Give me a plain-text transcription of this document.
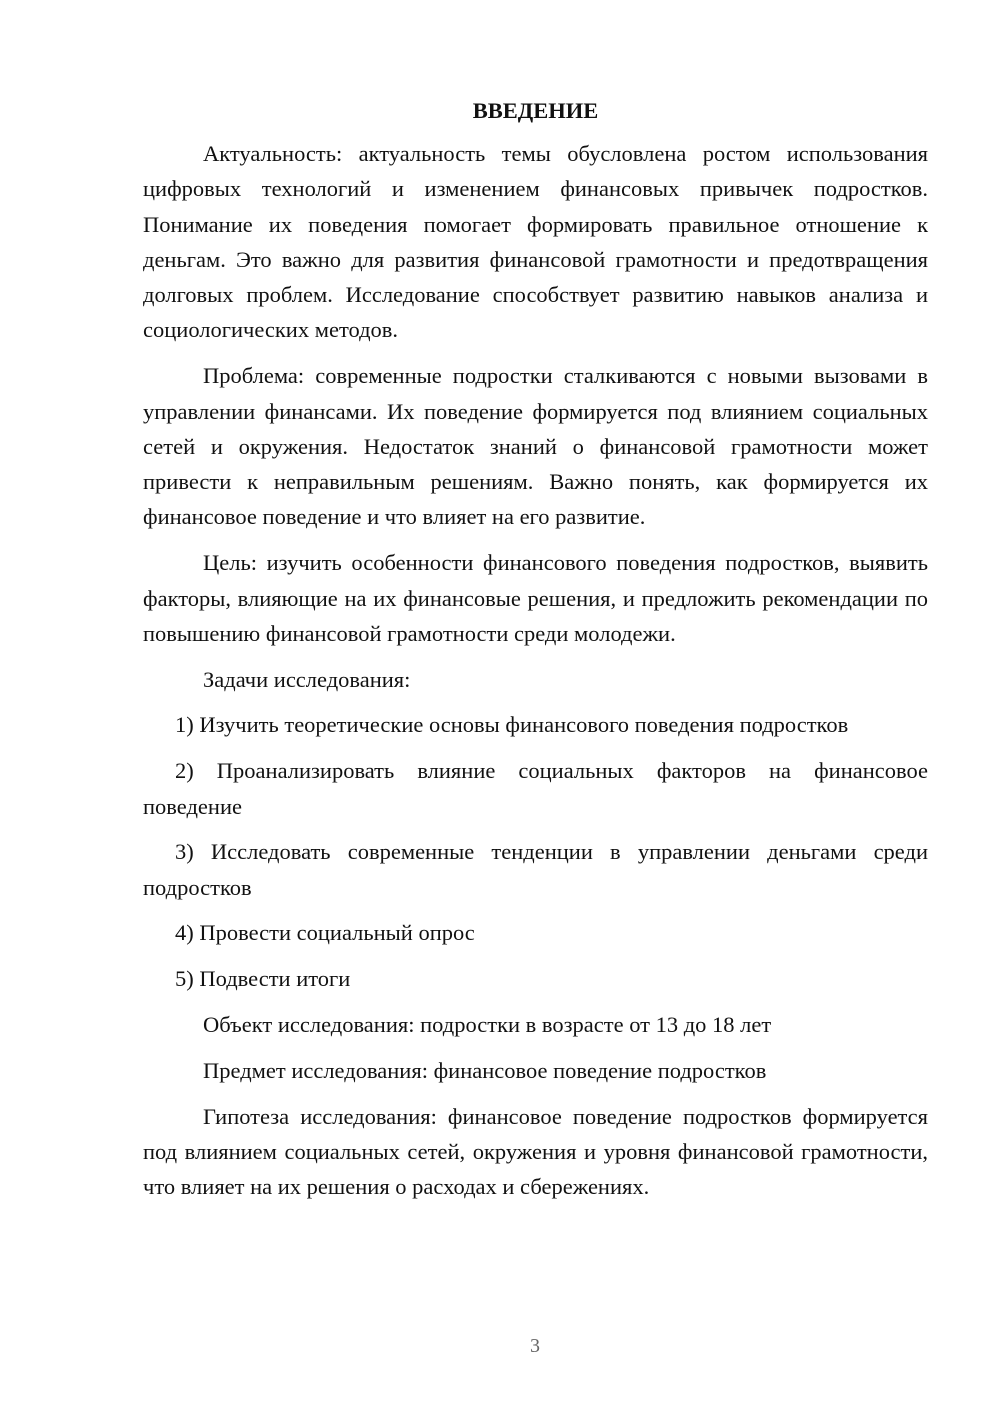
ВВЕДЕНИЕ

Актуальность: актуальность темы обусловлена ростом использования цифровых технологий и изменением финансовых привычек подростков. Понимание их поведения помогает формировать правильное отношение к деньгам. Это важно для развития финансовой грамотности и предотвращения долговых проблем. Исследование способствует развитию навыков анализа и социологических методов.

Проблема: современные подростки сталкиваются с новыми вызовами в управлении финансами. Их поведение формируется под влиянием социальных сетей и окружения. Недостаток знаний о финансовой грамотности может привести к неправильным решениям. Важно понять, как формируется их финансовое поведение и что влияет на его развитие.

Цель: изучить особенности финансового поведения подростков, выявить факторы, влияющие на их финансовые решения, и предложить рекомендации по повышению финансовой грамотности среди молодежи.

Задачи исследования:

1) Изучить теоретические основы финансового поведения подростков

2) Проанализировать влияние социальных факторов на финансовое поведение

3) Исследовать современные тенденции в управлении деньгами среди подростков

4) Провести социальный опрос

5) Подвести итоги

Объект исследования: подростки в возрасте от 13 до 18 лет

Предмет исследования: финансовое поведение подростков

Гипотеза исследования: финансовое поведение подростков формируется под влиянием социальных сетей, окружения и уровня финансовой грамотности, что влияет на их решения о расходах и сбережениях.

3
